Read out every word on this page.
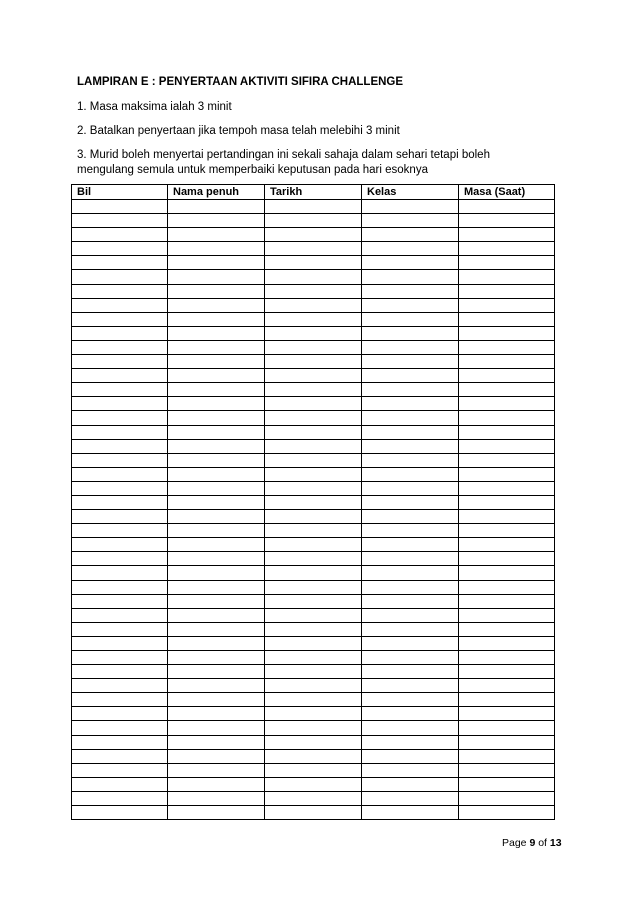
LAMPIRAN E : PENYERTAAN AKTIVITI SIFIRA CHALLENGE
1. Masa maksima ialah 3 minit
2. Batalkan penyertaan jika tempoh masa telah melebihi 3 minit
3. Murid boleh menyertai pertandingan ini sekali sahaja dalam sehari tetapi boleh
mengulang semula untuk memperbaiki keputusan pada hari esoknya
Bil	Nama penuh	Tarikh	Kelas	Masa (Saat)

Page 9 of 13
